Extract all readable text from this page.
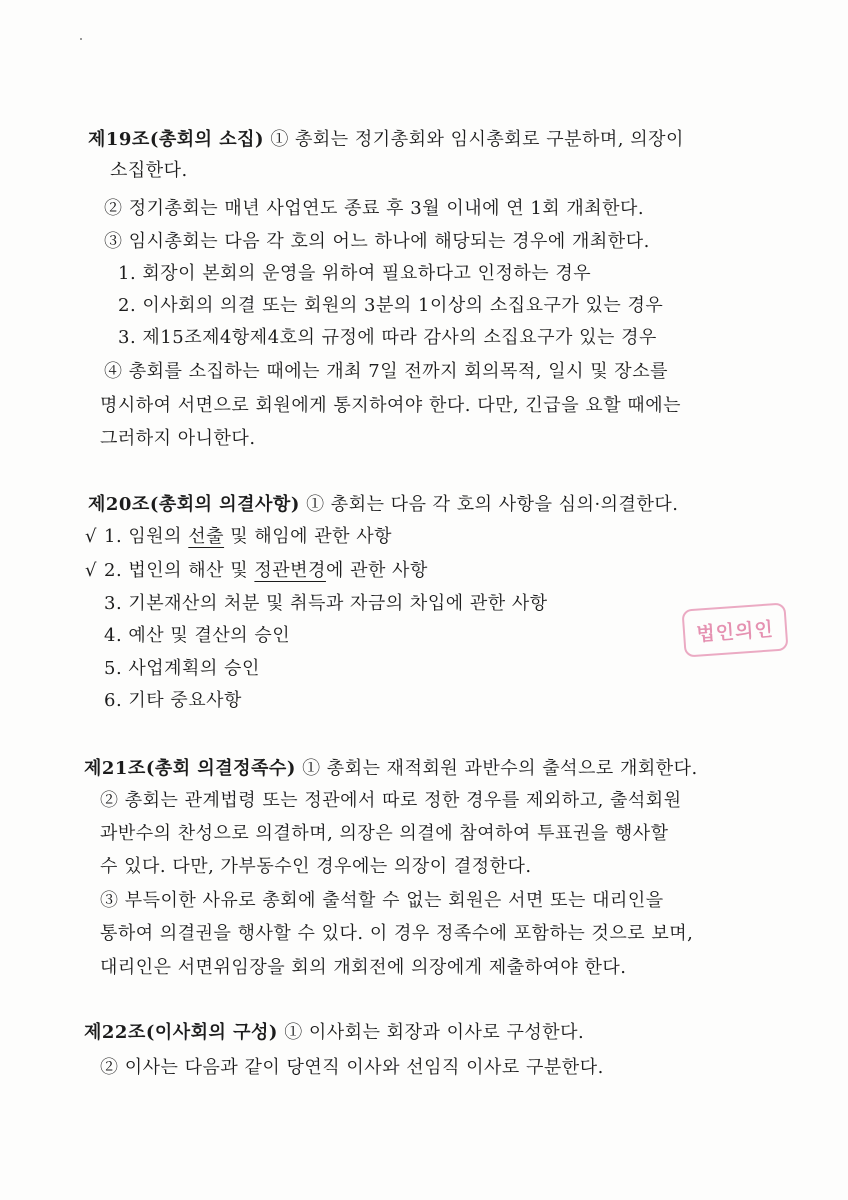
제19조(총회의 소집) ① 총회는 정기총회와 임시총회로 구분하며, 의장이
소집한다.
② 정기총회는 매년 사업연도 종료 후 3월 이내에 연 1회 개최한다.
③ 임시총회는 다음 각 호의 어느 하나에 해당되는 경우에 개최한다.
1. 회장이 본회의 운영을 위하여 필요하다고 인정하는 경우
2. 이사회의 의결 또는 회원의 3분의 1이상의 소집요구가 있는 경우
3. 제15조제4항제4호의 규정에 따라 감사의 소집요구가 있는 경우
④ 총회를 소집하는 때에는 개최 7일 전까지 회의목적, 일시 및 장소를
명시하여 서면으로 회원에게 통지하여야 한다. 다만, 긴급을 요할 때에는
그러하지 아니한다.
제20조(총회의 의결사항) ① 총회는 다음 각 호의 사항을 심의·의결한다.
√ 1. 임원의 선출 및 해임에 관한 사항
√ 2. 법인의 해산 및 정관변경에 관한 사항
3. 기본재산의 처분 및 취득과 자금의 차입에 관한 사항
4. 예산 및 결산의 승인
5. 사업계획의 승인
6. 기타 중요사항
법인의인
제21조(총회 의결정족수) ① 총회는 재적회원 과반수의 출석으로 개회한다.
② 총회는 관계법령 또는 정관에서 따로 정한 경우를 제외하고, 출석회원
과반수의 찬성으로 의결하며, 의장은 의결에 참여하여 투표권을 행사할
수 있다. 다만, 가부동수인 경우에는 의장이 결정한다.
③ 부득이한 사유로 총회에 출석할 수 없는 회원은 서면 또는 대리인을
통하여 의결권을 행사할 수 있다. 이 경우 정족수에 포함하는 것으로 보며,
대리인은 서면위임장을 회의 개회전에 의장에게 제출하여야 한다.
제22조(이사회의 구성) ① 이사회는 회장과 이사로 구성한다.
② 이사는 다음과 같이 당연직 이사와 선임직 이사로 구분한다.
